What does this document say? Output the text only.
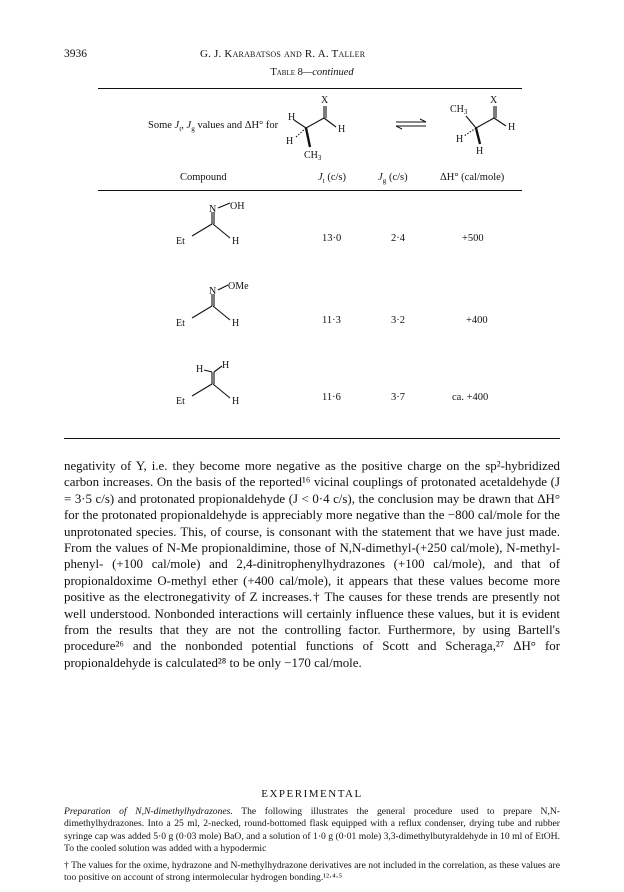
3936	G. J. Karabatsos and R. A. Taller
Table 8—continued
Some $J_t$, $J_g$ values and ΔH° for
X
H
H
H
$CH_3$
X
$CH_3$
H
H
H
Compound	$J_t$ (c/s)	$J_g$ (c/s)	ΔH° (cal/mole)
OH
N
Et	H	13·0	2·4	+500
OMe
N
Et	H	11·3	3·2	+400
H H
Et	H	11·6	3·7	ca. +400

negativity of Y, i.e. they become more negative as the positive charge on the sp²-hybridized carbon increases. On the basis of the reported¹⁶ vicinal couplings of protonated acetaldehyde (J = 3·5 c/s) and protonated propionaldehyde (J < 0·4 c/s), the conclusion may be drawn that ΔH° for the protonated propionaldehyde is appreciably more negative than the −800 cal/mole for the unprotonated species. This, of course, is consonant with the statement that we have just made. From the values of N-Me propionaldimine, those of N,N-dimethyl-(+250 cal/mole), N-methyl-phenyl- (+100 cal/mole) and 2,4-dinitrophenylhydrazones (+100 cal/mole), and that of propionaldoxime O-methyl ether (+400 cal/mole), it appears that these values become more positive as the electronegativity of Z increases.† The causes for these trends are presently not well understood. Nonbonded interactions will certainly influence these values, but it is evident from the results that they are not the controlling factor. Furthermore, by using Bartell's procedure²⁶ and the nonbonded potential functions of Scott and Scheraga,²⁷ ΔH° for propionaldehyde is calculated²⁸ to be only −170 cal/mole.

EXPERIMENTAL
Preparation of N,N-dimethylhydrazones. The following illustrates the general procedure used to prepare N,N-dimethylhydrazones. Into a 25 ml, 2-necked, round-bottomed flask equipped with a reflux condenser, drying tube and rubber syringe cap was added 5·0 g (0·03 mole) BaO, and a solution of 1·0 g (0·01 mole) 3,3-dimethylbutyraldehyde in 10 ml of EtOH. To the cooled solution was added with a hypodermic
† The values for the oxime, hydrazone and N-methylhydrazone derivatives are not included in the correlation, as these values are too positive on account of strong intermolecular hydrogen bonding.¹²·⁴·⁵
